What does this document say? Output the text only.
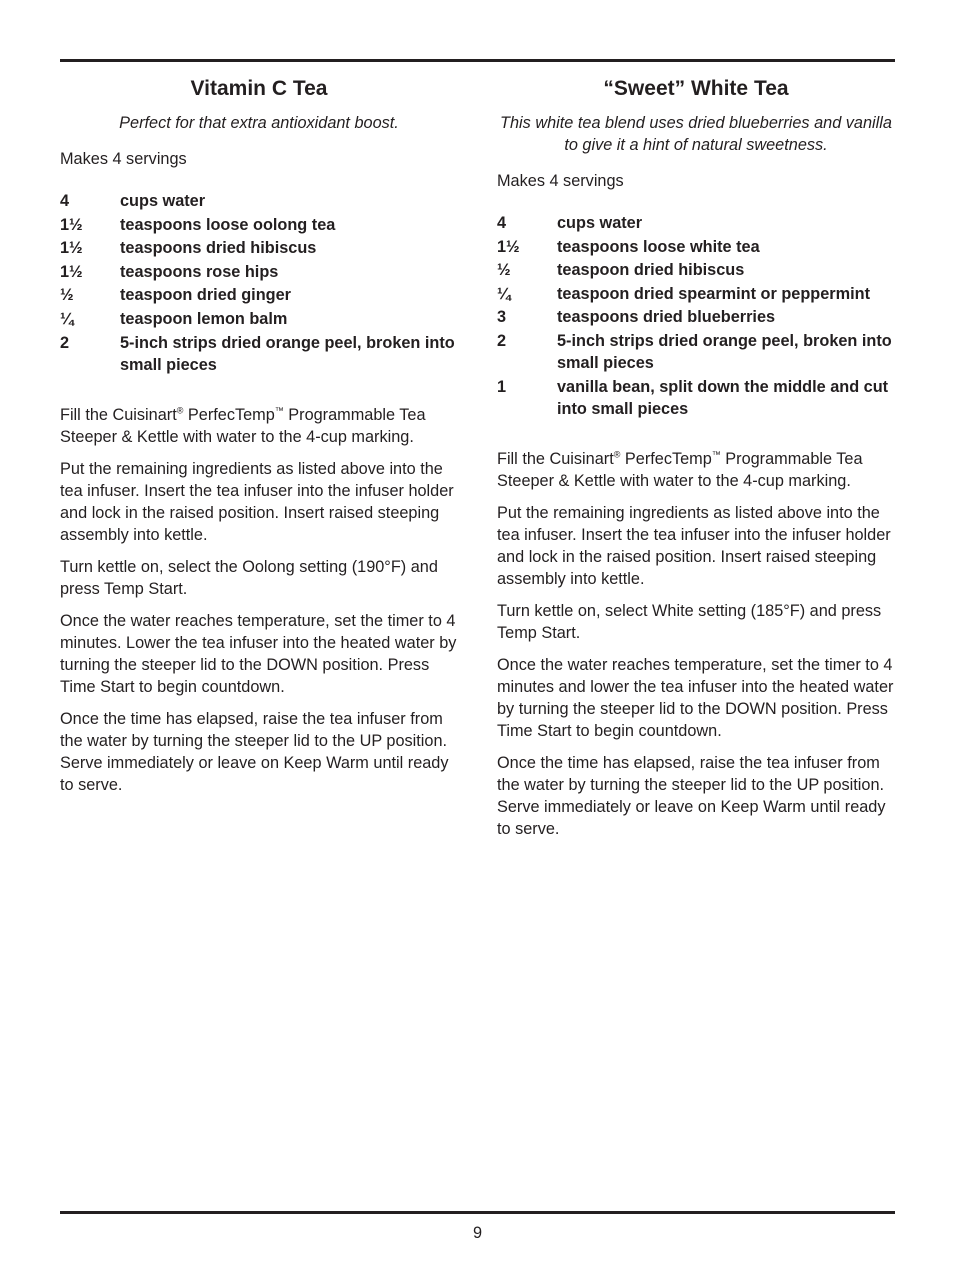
Vitamin C Tea

Perfect for that extra antioxidant boost.

Makes 4 servings

4	cups water
1½	teaspoons loose oolong tea
1½	teaspoons dried hibiscus
1½	teaspoons rose hips
½	teaspoon dried ginger
¼	teaspoon lemon balm
2	5-inch strips dried orange peel, broken into small pieces

Fill the Cuisinart® PerfecTemp™ Programmable Tea Steeper & Kettle with water to the 4-cup marking.

Put the remaining ingredients as listed above into the tea infuser. Insert the tea infuser into the infuser holder and lock in the raised position. Insert raised steeping assembly into kettle.

Turn kettle on, select the Oolong setting (190°F) and press Temp Start.

Once the water reaches temperature, set the timer to 4 minutes. Lower the tea infuser into the heated water by turning the steeper lid to the DOWN position. Press Time Start to begin countdown.

Once the time has elapsed, raise the tea infuser from the water by turning the steeper lid to the UP position. Serve immediately or leave on Keep Warm until ready to serve.

“Sweet” White Tea

This white tea blend uses dried blueberries and vanilla to give it a hint of natural sweetness.

Makes 4 servings

4	cups water
1½	teaspoons loose white tea
½	teaspoon dried hibiscus
¼	teaspoon dried spearmint or peppermint
3	teaspoons dried blueberries
2	5-inch strips dried orange peel, broken into small pieces
1	vanilla bean, split down the middle and cut into small pieces

Fill the Cuisinart® PerfecTemp™ Programmable Tea Steeper & Kettle with water to the 4-cup marking.

Put the remaining ingredients as listed above into the tea infuser. Insert the tea infuser into the infuser holder and lock in the raised position. Insert raised steeping assembly into kettle.

Turn kettle on, select White setting (185°F) and press Temp Start.

Once the water reaches temperature, set the timer to 4 minutes and lower the tea infuser into the heated water by turning the steeper lid to the DOWN position. Press Time Start to begin countdown.

Once the time has elapsed, raise the tea infuser from the water by turning the steeper lid to the UP position. Serve immediately or leave on Keep Warm until ready to serve.

9
